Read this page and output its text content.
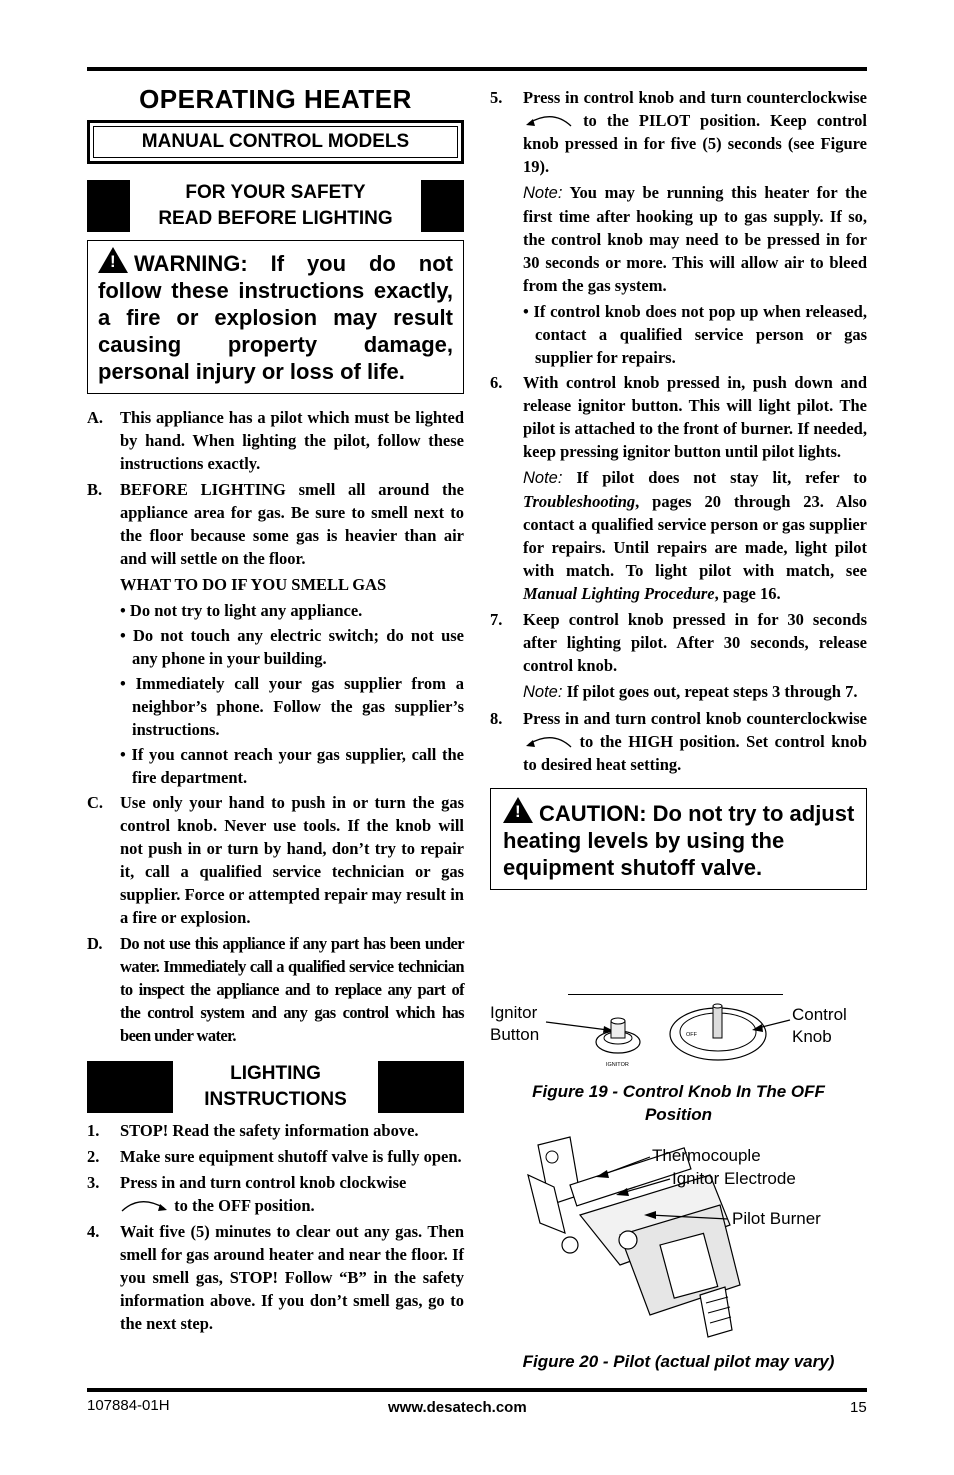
OPERATING HEATER
MANUAL CONTROL MODELS
FOR YOUR SAFETY
READ BEFORE LIGHTING
! WARNING: If you do not follow these instructions exactly, a fire or explosion may result causing property damage, personal injury or loss of life.
A.	This appliance has a pilot which must be lighted by hand. When lighting the pilot, follow these instructions exactly.
B.	BEFORE LIGHTING smell all around the appliance area for gas. Be sure to smell next to the floor because some gas is heavier than air and will settle on the floor.
WHAT TO DO IF YOU SMELL GAS
• Do not try to light any appliance.
• Do not touch any electric switch; do not use any phone in your building.
• Immediately call your gas supplier from a neighbor’s phone. Follow the gas supplier’s instructions.
• If you cannot reach your gas supplier, call the fire department.
C.	Use only your hand to push in or turn the gas control knob. Never use tools. If the knob will not push in or turn by hand, don’t try to repair it, call a qualified service technician or gas supplier. Force or attempted repair may result in a fire or explosion.
D.	Do not use this appliance if any part has been under water. Immediately call a qualified service technician to inspect the appliance and to replace any part of the control system and any gas control which has been under water.
LIGHTING
INSTRUCTIONS
1.	STOP! Read the safety information above.
2.	Make sure equipment shutoff valve is fully open.
3.	Press in and turn control knob clockwise
to the OFF position.
4.	Wait five (5) minutes to clear out any gas. Then smell for gas around heater and near the floor. If you smell gas, STOP! Follow “B” in the safety information above. If you don’t smell gas, go to the next step.
5.	Press in control knob and turn counterclockwise  to the PILOT position. Keep control knob pressed in for five (5) seconds (see Figure 19).
Note: You may be running this heater for the first time after hooking up to gas supply. If so, the control knob may need to be pressed in for 30 seconds or more. This will allow air to bleed from the gas system.
• If control knob does not pop up when released, contact a qualified service person or gas supplier for repairs.
6.	With control knob pressed in, push down and release ignitor button. This will light pilot. The pilot is attached to the front of burner. If needed, keep pressing ignitor button until pilot lights.
Note: If pilot does not stay lit, refer to Troubleshooting, pages 20 through 23. Also contact a qualified service person or gas supplier for repairs. Until repairs are made, light pilot with match. To light pilot with match, see Manual Lighting Procedure, page 16.
7.	Keep control knob pressed in for 30 seconds after lighting pilot. After 30 seconds, release control knob.
Note: If pilot goes out, repeat steps 3 through 7.
8.	Press in and turn control knob counterclockwise  to the HIGH position. Set control knob to desired heat setting.
! CAUTION: Do not try to adjust heating levels by using the equipment shutoff valve.
Ignitor
Button
Control
Knob
IGNITOR
OFF
Figure 19 - Control Knob In The OFF Position
Thermocouple
Ignitor Electrode
Pilot Burner
Figure 20 - Pilot (actual pilot may vary)
107884-01H	www.desatech.com	15
